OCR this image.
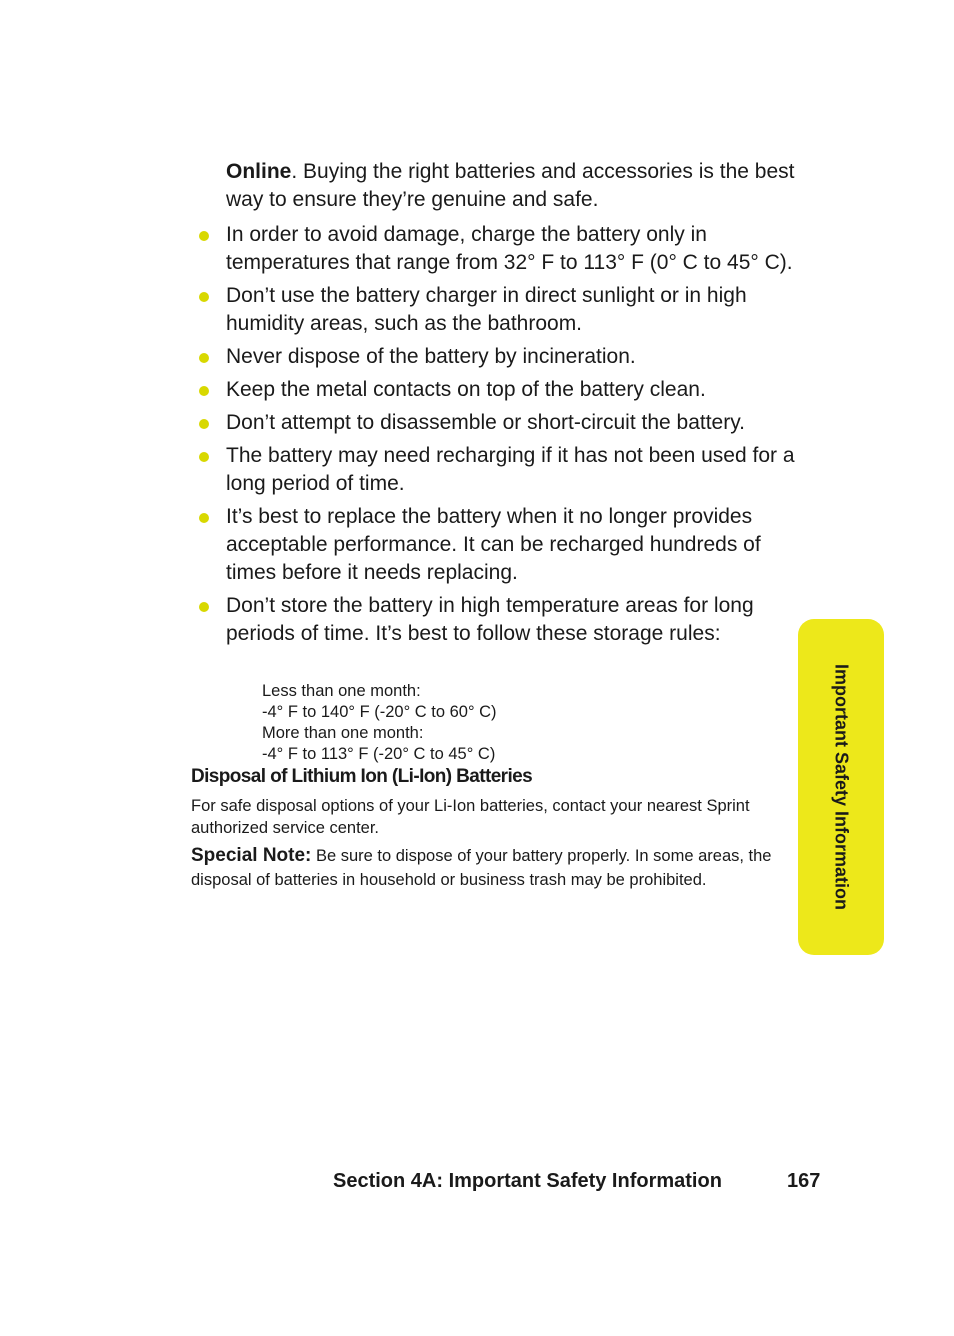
Online. Buying the right batteries and accessories is the best way to ensure they’re genuine and safe.
In order to avoid damage, charge the battery only in temperatures that range from 32° F to 113° F (0° C to 45° C).
Don’t use the battery charger in direct sunlight or in high humidity areas, such as the bathroom.
Never dispose of the battery by incineration.
Keep the metal contacts on top of the battery clean.
Don’t attempt to disassemble or short-circuit the battery.
The battery may need recharging if it has not been used for a long period of time.
It’s best to replace the battery when it no longer provides acceptable performance. It can be recharged hundreds of times before it needs replacing.
Don’t store the battery in high temperature areas for long periods of time. It’s best to follow these storage rules:
Less than one month:
-4° F to 140° F (-20° C to 60° C)
More than one month:
-4° F to 113° F (-20° C to 45° C)
Disposal of Lithium Ion (Li-Ion) Batteries
For safe disposal options of your Li-Ion batteries, contact your nearest Sprint authorized service center.
Special Note: Be sure to dispose of your battery properly. In some areas, the disposal of batteries in household or business trash may be prohibited.	Important Safety Information
Section 4A: Important Safety Information	167
